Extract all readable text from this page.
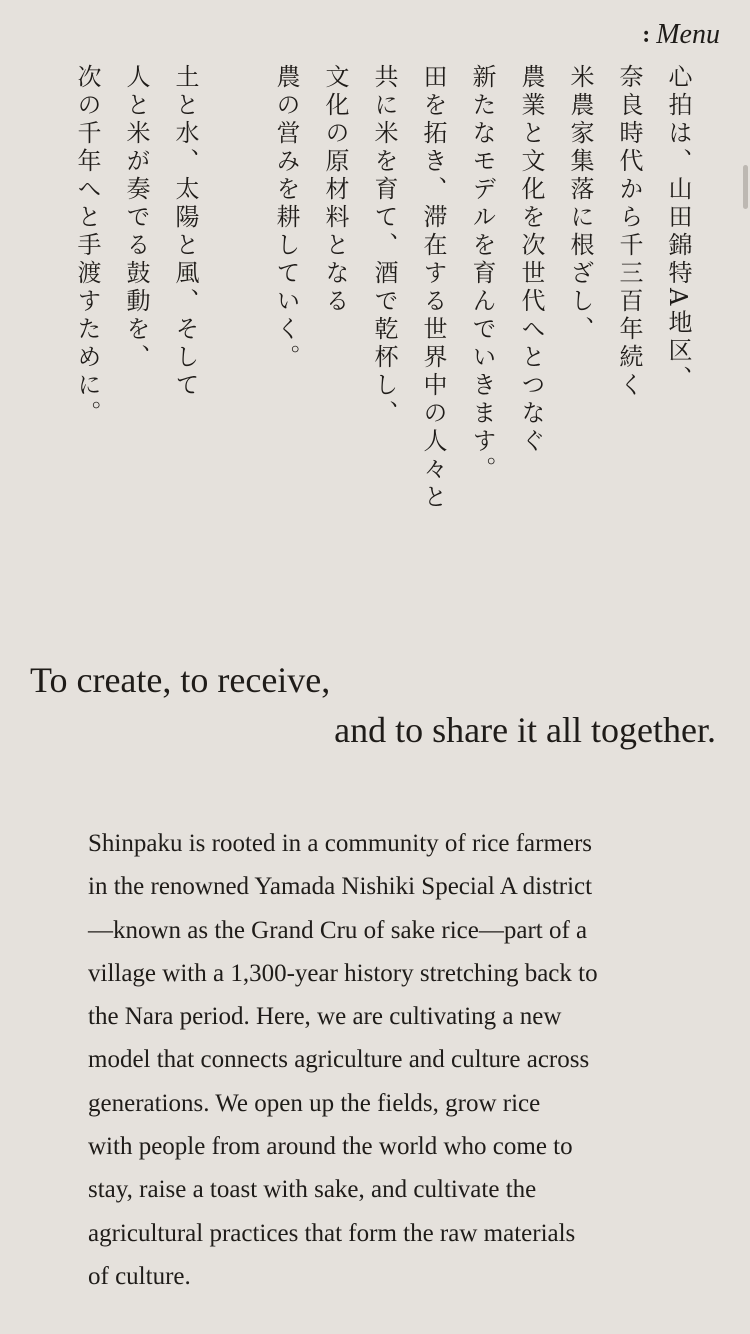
: Menu
心拍は、山田錦特A地区、
奈良時代から千三百年続く
米農家集落に根ざし、
農業と文化を次世代へとつなぐ
新たなモデルを育んでいきます。
田を拓き、滞在する世界中の人々と
共に米を育て、酒で乾杯し、
文化の原材料となる
農の営みを耕していく。
土と水、太陽と風、そして
人と米が奏でる鼓動を、
次の千年へと手渡すために。
To create, to receive,
and to share it all together.
Shinpaku is rooted in a community of rice farmers
in the renowned Yamada Nishiki Special A district
—known as the Grand Cru of sake rice—part of a
village with a 1,300-year history stretching back to
the Nara period. Here, we are cultivating a new
model that connects agriculture and culture across
generations. We open up the fields, grow rice
with people from around the world who come to
stay, raise a toast with sake, and cultivate the
agricultural practices that form the raw materials
of culture.
